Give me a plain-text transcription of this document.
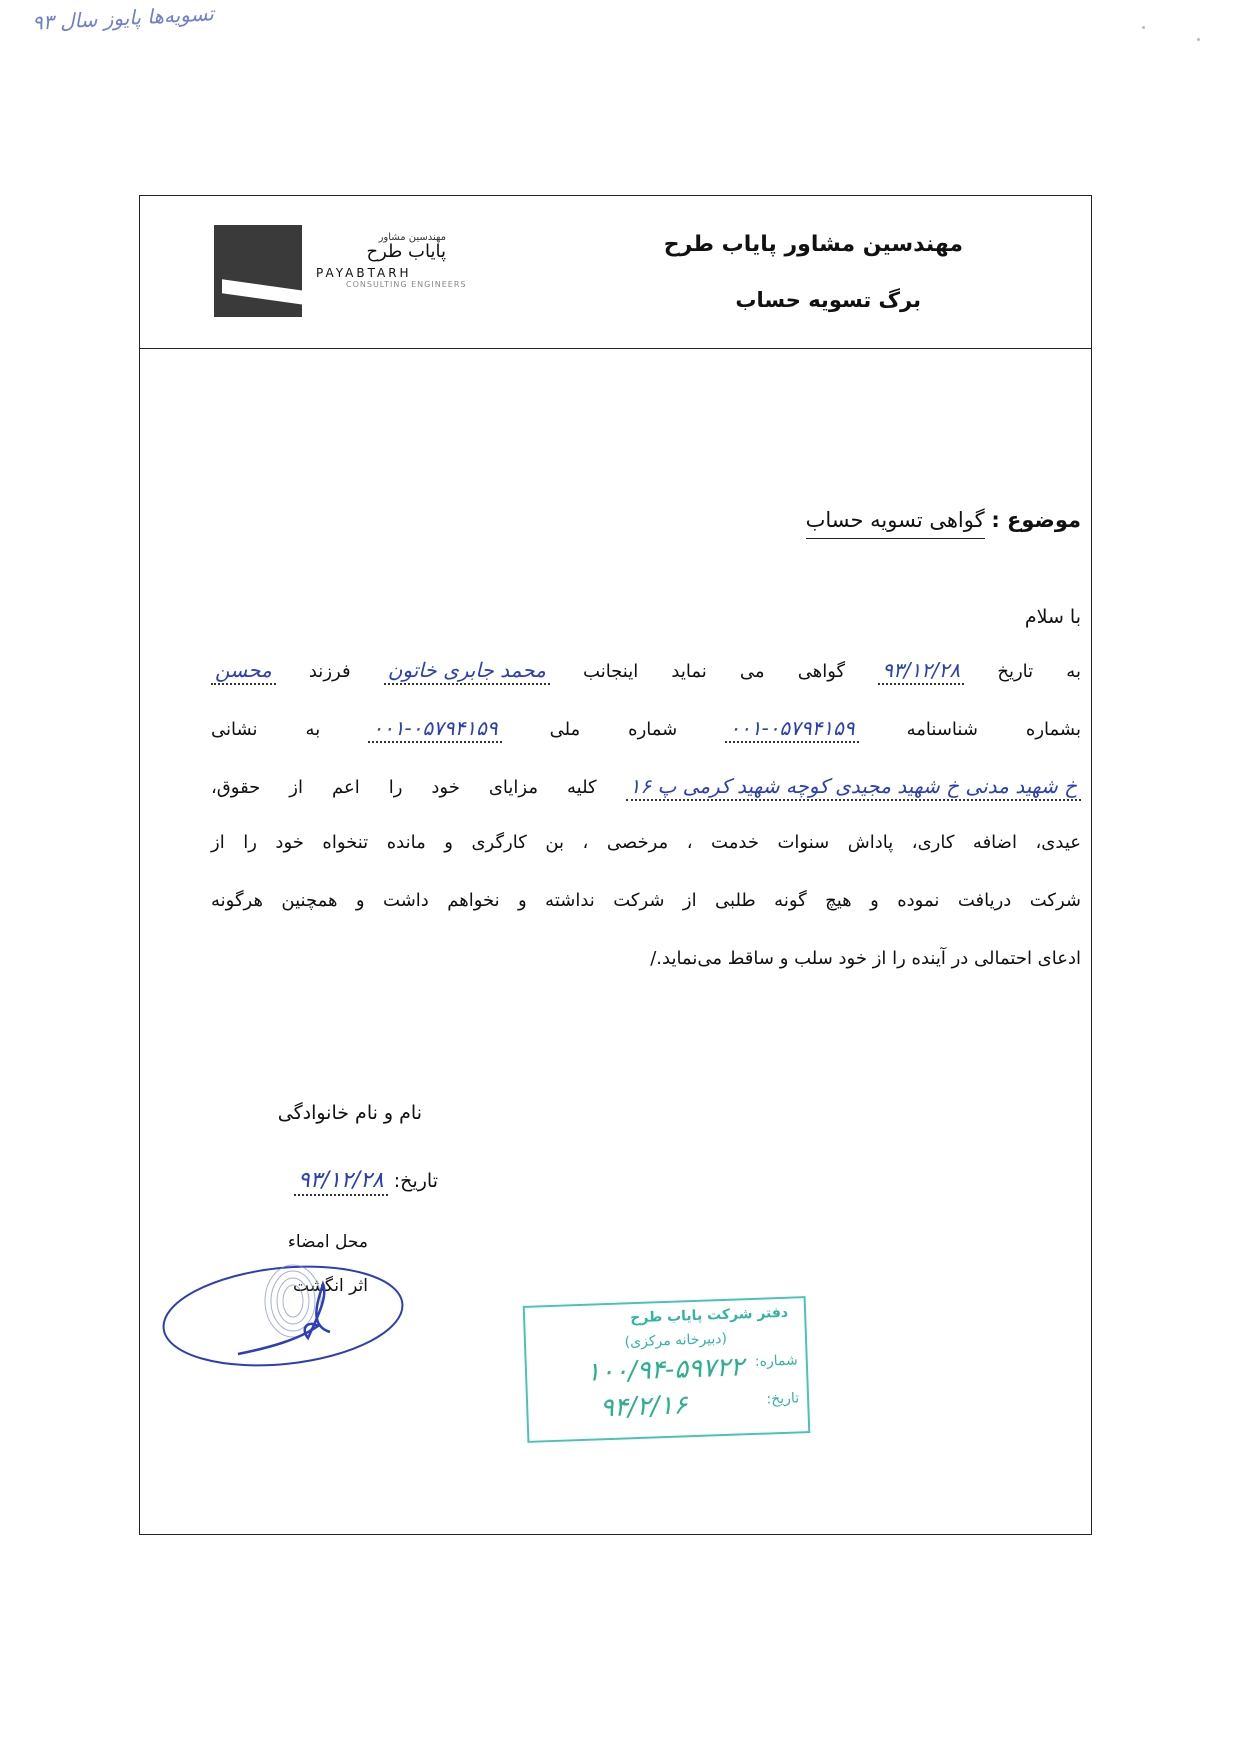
تسویه‌ها پایوز سال ۹۳
مهندسین مشاور
پایاب طرح
PAYABTARH
CONSULTING ENGINEERS
مهندسین مشاور پایاب طرح
برگ تسویه حساب
موضوع : گواهی تسویه حساب
با سلام
به تاریخ ۹۳/۱۲/۲۸ گواهی می نماید اینجانب محمد جابری خاتون فرزند محسن
بشماره شناسنامه ۰۰۱-۰۵۷۹۴۱۵۹ شماره ملی ۰۰۱-۰۵۷۹۴۱۵۹ به نشانی
خ شهید مدنی خ شهید مجیدی کوچه شهید کرمی پ ۱۶ کلیه مزایای خود را اعم از حقوق،
عیدی، اضافه کاری، پاداش سنوات خدمت ، مرخصی ، بن کارگری و مانده تنخواه خود را از
شرکت دریافت نموده و هیچ گونه طلبی از شرکت نداشته و نخواهم داشت و همچنین هرگونه
ادعای احتمالی در آینده را از خود سلب و ساقط می‌نماید./
نام و نام خانوادگی
تاریخ: ۹۳/۱۲/۲۸
محل امضاء
اثر انگشت
دفتر شرکت پایاب طرح
(دبیرخانه مرکزی)
شماره:
۱۰۰/۹۴-۵۹۷۲۲
تاریخ:
۹۴/۲/۱۶
